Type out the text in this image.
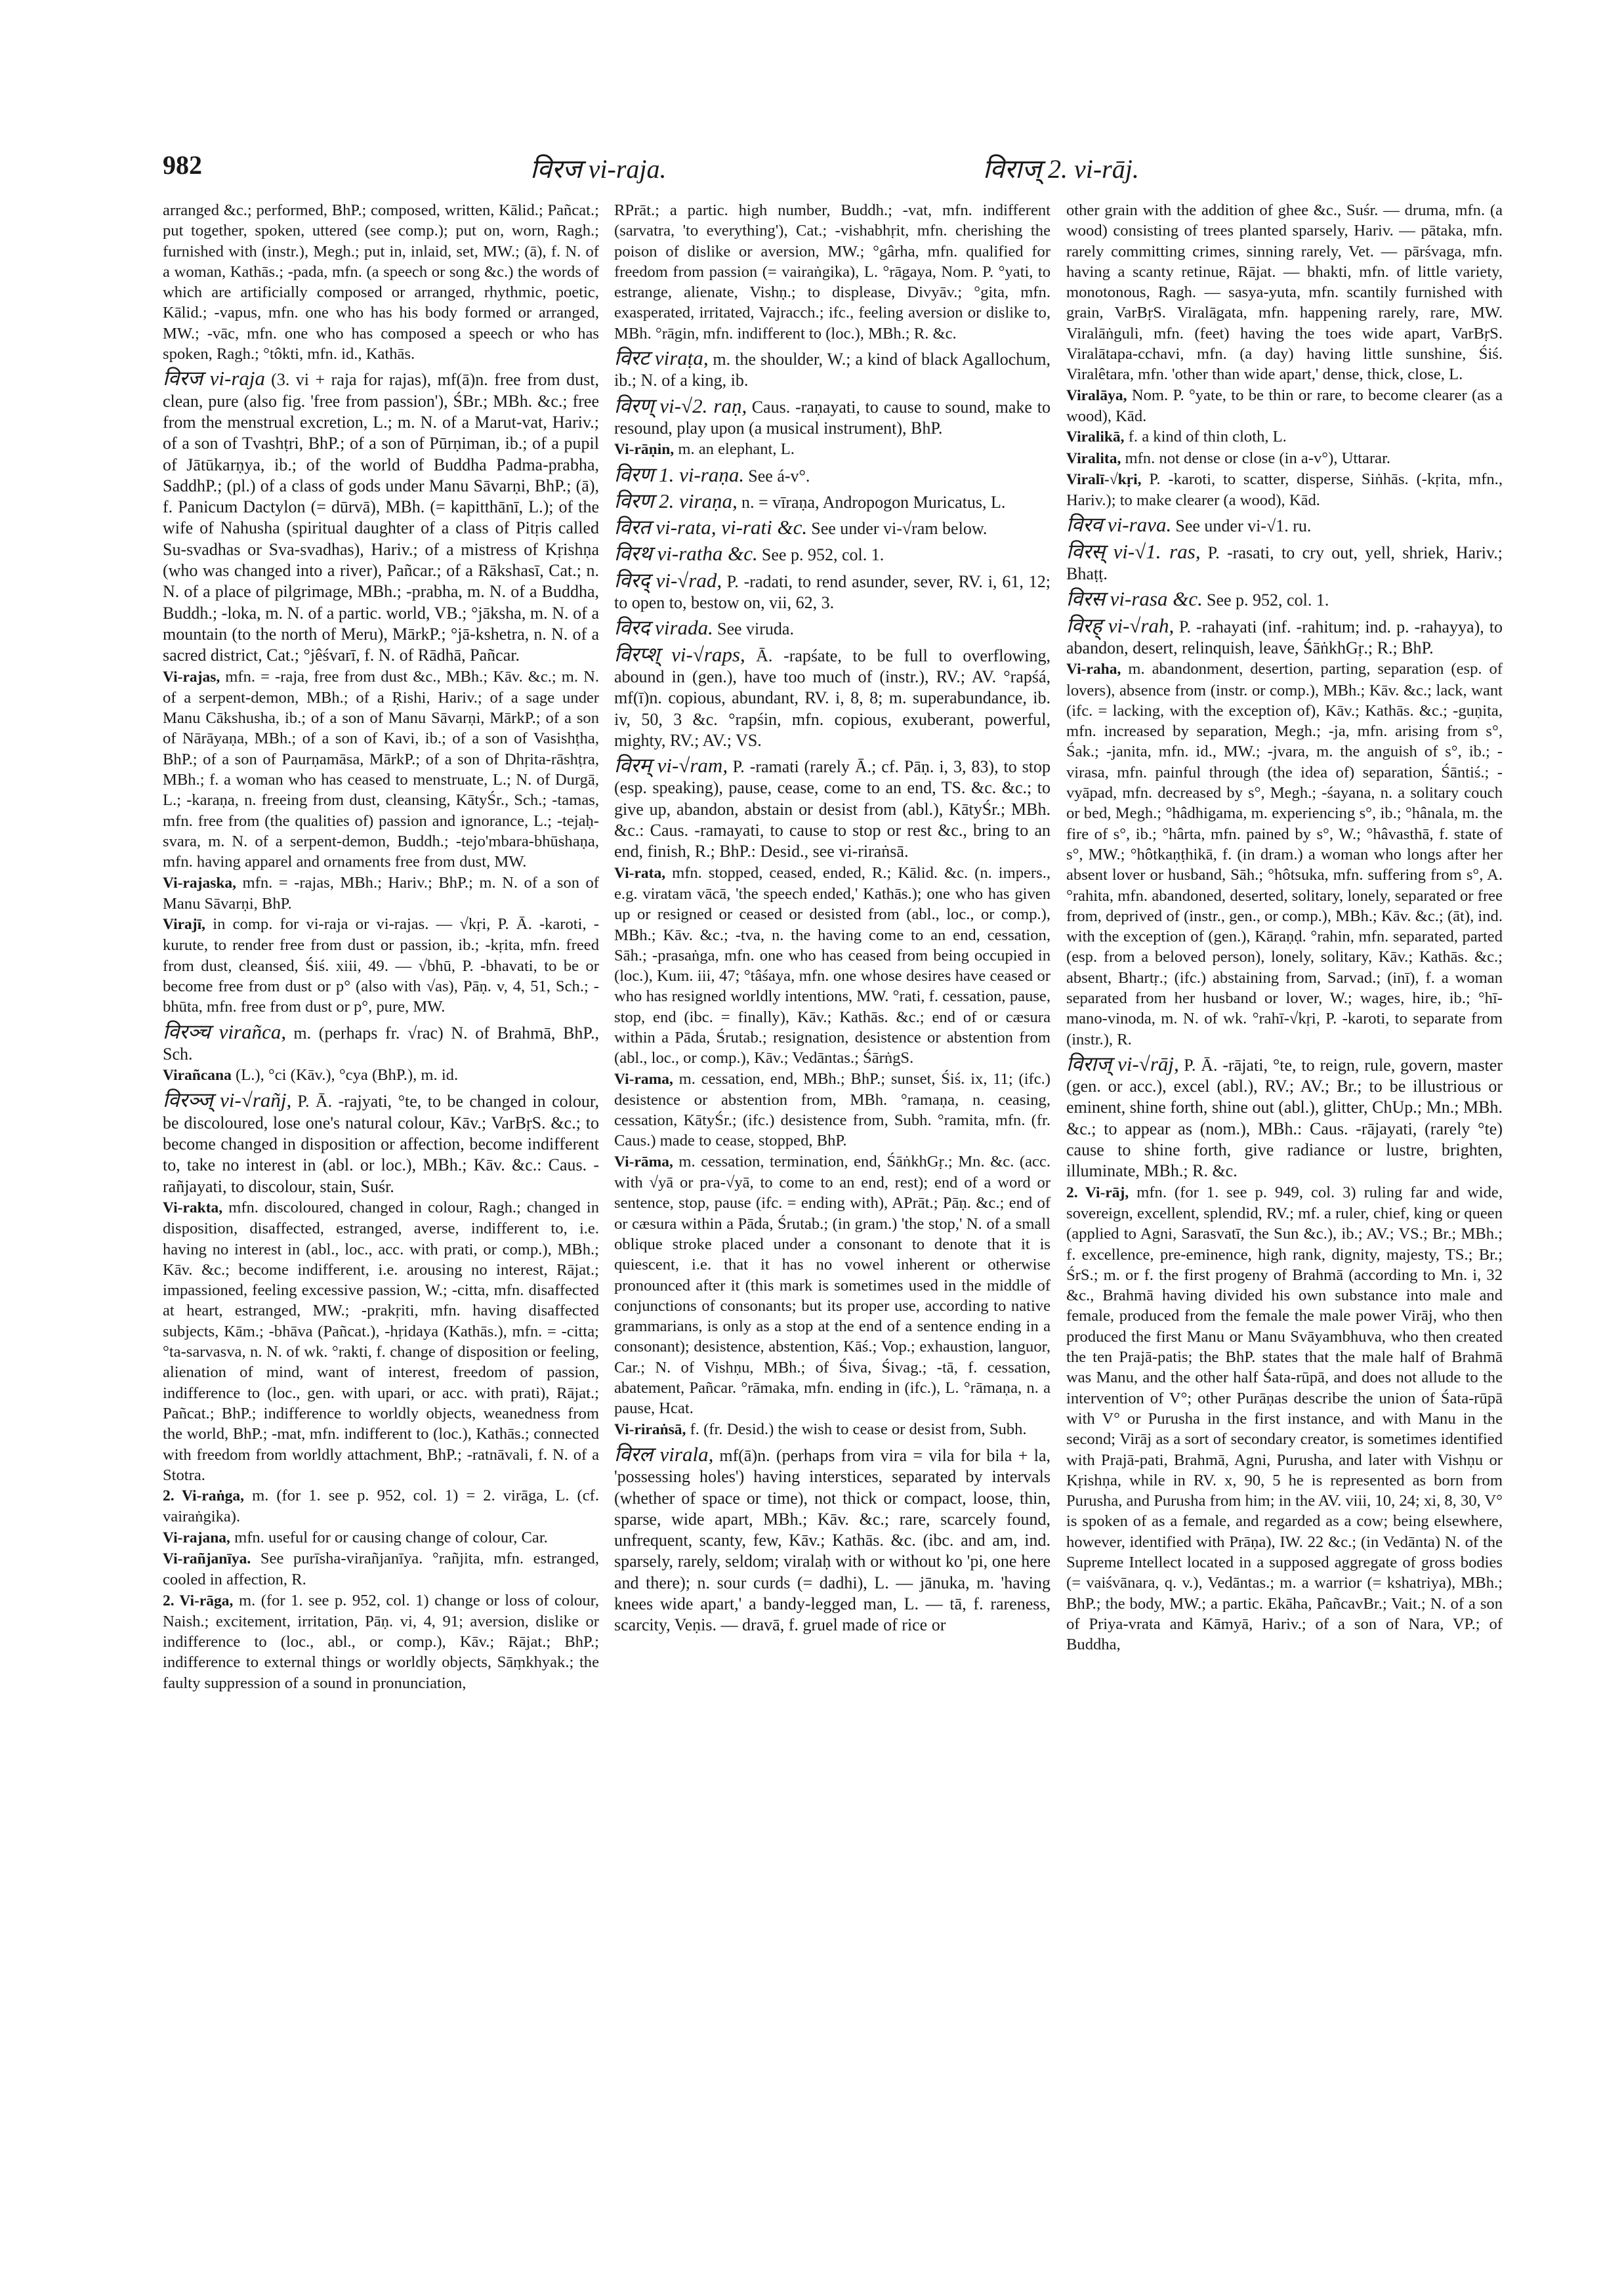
982	विरज vi-raja.	विराज् 2. vi-rāj.

arranged &c.; performed, BhP.; composed, written, Kālid.; Pañcat.; put together, spoken, uttered (see comp.); put on, worn, Ragh.; furnished with (instr.), Megh.; put in, inlaid, set, MW.; (ā), f. N. of a woman, Kathās.; -pada, mfn. (a speech or song &c.) the words of which are artificially composed or arranged, rhythmic, poetic, Kālid.; -vapus, mfn. one who has his body formed or arranged, MW.; -vāc, mfn. one who has composed a speech or who has spoken, Ragh.; °tôkti, mfn. id., Kathās.

विरज vi-raja (3. vi + raja for rajas), mf(ā)n. free from dust, clean, pure (also fig. 'free from passion'), ŚBr.; MBh. &c.; free from the menstrual excretion, L.; m. N. of a Marut-vat, Hariv.; of a son of Tvashṭri, BhP.; of a son of Pūrṇiman, ib.; of a pupil of Jātūkarṇya, ib.; of the world of Buddha Padma-prabha, SaddhP.; (pl.) of a class of gods under Manu Sāvarṇi, BhP.; (ā), f. Panicum Dactylon (= dūrvā), MBh. (= kapitthānī, L.); of the wife of Nahusha (spiritual daughter of a class of Pitṛis called Su-svadhas or Sva-svadhas), Hariv.; of a mistress of Kṛishṇa (who was changed into a river), Pañcar.; of a Rākshasī, Cat.; n. N. of a place of pilgrimage, MBh.; -prabha, m. N. of a Buddha, Buddh.; -loka, m. N. of a partic. world, VB.; °jāksha, m. N. of a mountain (to the north of Meru), MārkP.; °jā-kshetra, n. N. of a sacred district, Cat.; °jêśvarī, f. N. of Rādhā, Pañcar.

Vi-rajas, mfn. = -raja, free from dust &c., MBh.; Kāv. &c.; m. N. of a serpent-demon, MBh.; of a Ṛishi, Hariv.; of a sage under Manu Cākshusha, ib.; of a son of Manu Sāvarṇi, MārkP.; of a son of Nārāyaṇa, MBh.; of a son of Kavi, ib.; of a son of Vasishṭha, BhP.; of a son of Paurṇamāsa, MārkP.; of a son of Dhṛita-rāshṭra, MBh.; f. a woman who has ceased to menstruate, L.; N. of Durgā, L.; -karaṇa, n. freeing from dust, cleansing, KātyŚr., Sch.; -tamas, mfn. free from (the qualities of) passion and ignorance, L.; -tejaḥ-svara, m. N. of a serpent-demon, Buddh.; -tejo'mbara-bhūshaṇa, mfn. having apparel and ornaments free from dust, MW.

Vi-rajaska, mfn. = -rajas, MBh.; Hariv.; BhP.; m. N. of a son of Manu Sāvarṇi, BhP.

Virajī, in comp. for vi-raja or vi-rajas. — √kṛi, P. Ā. -karoti, -kurute, to render free from dust or passion, ib.; -kṛita, mfn. freed from dust, cleansed, Śiś. xiii, 49. — √bhū, P. -bhavati, to be or become free from dust or p° (also with √as), Pāṇ. v, 4, 51, Sch.; -bhūta, mfn. free from dust or p°, pure, MW.

विरञ्च virañca, m. (perhaps fr. √rac) N. of Brahmā, BhP., Sch.

Virañcana (L.), °ci (Kāv.), °cya (BhP.), m. id.

विरञ्ज् vi-√rañj, P. Ā. -rajyati, °te, to be changed in colour, be discoloured, lose one's natural colour, Kāv.; VarBṛS. &c.; to become changed in disposition or affection, become indifferent to, take no interest in (abl. or loc.), MBh.; Kāv. &c.: Caus. -rañjayati, to discolour, stain, Suśr.

Vi-rakta, mfn. discoloured, changed in colour, Ragh.; changed in disposition, disaffected, estranged, averse, indifferent to, i.e. having no interest in (abl., loc., acc. with prati, or comp.), MBh.; Kāv. &c.; become indifferent, i.e. arousing no interest, Rājat.; impassioned, feeling excessive passion, W.; -citta, mfn. disaffected at heart, estranged, MW.; -prakṛiti, mfn. having disaffected subjects, Kām.; -bhāva (Pañcat.), -hṛidaya (Kathās.), mfn. = -citta; °ta-sarvasva, n. N. of wk. °rakti, f. change of disposition or feeling, alienation of mind, want of interest, freedom of passion, indifference to (loc., gen. with upari, or acc. with prati), Rājat.; Pañcat.; BhP.; indifference to worldly objects, weanedness from the world, BhP.; -mat, mfn. indifferent to (loc.), Kathās.; connected with freedom from worldly attachment, BhP.; -ratnāvali, f. N. of a Stotra.

2. Vi-raṅga, m. (for 1. see p. 952, col. 1) = 2. virāga, L. (cf. vairaṅgika).

Vi-rajana, mfn. useful for or causing change of colour, Car.

Vi-rañjanīya. See purīsha-virañjanīya. °rañjita, mfn. estranged, cooled in affection, R.

2. Vi-rāga, m. (for 1. see p. 952, col. 1) change or loss of colour, Naish.; excitement, irritation, Pāṇ. vi, 4, 91; aversion, dislike or indifference to (loc., abl., or comp.), Kāv.; Rājat.; BhP.; indifference to external things or worldly objects, Sāṃkhyak.; the faulty suppression of a sound in pronunciation,

RPrāt.; a partic. high number, Buddh.; -vat, mfn. indifferent (sarvatra, 'to everything'), Cat.; -vishabhṛit, mfn. cherishing the poison of dislike or aversion, MW.; °gârha, mfn. qualified for freedom from passion (= vairaṅgika), L. °rāgaya, Nom. P. °yati, to estrange, alienate, Vishṇ.; to displease, Divyāv.; °gita, mfn. exasperated, irritated, Vajracch.; ifc., feeling aversion or dislike to, MBh. °rāgin, mfn. indifferent to (loc.), MBh.; R. &c.

विरट viraṭa, m. the shoulder, W.; a kind of black Agallochum, ib.; N. of a king, ib.

विरण् vi-√2. raṇ, Caus. -raṇayati, to cause to sound, make to resound, play upon (a musical instrument), BhP.

Vi-rāṇin, m. an elephant, L.

विरण 1. vi-raṇa. See á-v°.

विरण 2. viraṇa, n. = vīraṇa, Andropogon Muricatus, L.

विरत vi-rata, vi-rati &c. See under vi-√ram below.

विरथ vi-ratha &c. See p. 952, col. 1.

विरद् vi-√rad, P. -radati, to rend asunder, sever, RV. i, 61, 12; to open to, bestow on, vii, 62, 3.

विरद virada. See viruda.

विरप्श् vi-√raps, Ā. -rapśate, to be full to overflowing, abound in (gen.), have too much of (instr.), RV.; AV. °rapśá, mf(ī)n. copious, abundant, RV. i, 8, 8; m. superabundance, ib. iv, 50, 3 &c. °rapśin, mfn. copious, exuberant, powerful, mighty, RV.; AV.; VS.

विरम् vi-√ram, P. -ramati (rarely Ā.; cf. Pāṇ. i, 3, 83), to stop (esp. speaking), pause, cease, come to an end, TS. &c. &c.; to give up, abandon, abstain or desist from (abl.), KātyŚr.; MBh. &c.: Caus. -ramayati, to cause to stop or rest &c., bring to an end, finish, R.; BhP.: Desid., see vi-riraṅsā.

Vi-rata, mfn. stopped, ceased, ended, R.; Kālid. &c. (n. impers., e.g. viratam vācā, 'the speech ended,' Kathās.); one who has given up or resigned or ceased or desisted from (abl., loc., or comp.), MBh.; Kāv. &c.; -tva, n. the having come to an end, cessation, Sāh.; -prasaṅga, mfn. one who has ceased from being occupied in (loc.), Kum. iii, 47; °tâśaya, mfn. one whose desires have ceased or who has resigned worldly intentions, MW. °rati, f. cessation, pause, stop, end (ibc. = finally), Kāv.; Kathās. &c.; end of or cæsura within a Pāda, Śrutab.; resignation, desistence or abstention from (abl., loc., or comp.), Kāv.; Vedāntas.; ŚārṅgS.

Vi-rama, m. cessation, end, MBh.; BhP.; sunset, Śiś. ix, 11; (ifc.) desistence or abstention from, MBh. °ramaṇa, n. ceasing, cessation, KātyŚr.; (ifc.) desistence from, Subh. °ramita, mfn. (fr. Caus.) made to cease, stopped, BhP.

Vi-rāma, m. cessation, termination, end, ŚāṅkhGṛ.; Mn. &c. (acc. with √yā or pra-√yā, to come to an end, rest); end of a word or sentence, stop, pause (ifc. = ending with), APrāt.; Pāṇ. &c.; end of or cæsura within a Pāda, Śrutab.; (in gram.) 'the stop,' N. of a small oblique stroke placed under a consonant to denote that it is quiescent, i.e. that it has no vowel inherent or otherwise pronounced after it (this mark is sometimes used in the middle of conjunctions of consonants; but its proper use, according to native grammarians, is only as a stop at the end of a sentence ending in a consonant); desistence, abstention, Kāś.; Vop.; exhaustion, languor, Car.; N. of Vishṇu, MBh.; of Śiva, Śivag.; -tā, f. cessation, abatement, Pañcar. °rāmaka, mfn. ending in (ifc.), L. °rāmaṇa, n. a pause, Hcat.

Vi-riraṅsā, f. (fr. Desid.) the wish to cease or desist from, Subh.

विरल virala, mf(ā)n. (perhaps from vira = vila for bila + la, 'possessing holes') having interstices, separated by intervals (whether of space or time), not thick or compact, loose, thin, sparse, wide apart, MBh.; Kāv. &c.; rare, scarcely found, unfrequent, scanty, few, Kāv.; Kathās. &c. (ibc. and am, ind. sparsely, rarely, seldom; viralaḥ with or without ko 'pi, one here and there); n. sour curds (= dadhi), L. — jānuka, m. 'having knees wide apart,' a bandy-legged man, L. — tā, f. rareness, scarcity, Veṇis. — dravā, f. gruel made of rice or

other grain with the addition of ghee &c., Suśr. — druma, mfn. (a wood) consisting of trees planted sparsely, Hariv. — pātaka, mfn. rarely committing crimes, sinning rarely, Vet. — pārśvaga, mfn. having a scanty retinue, Rājat. — bhakti, mfn. of little variety, monotonous, Ragh. — sasya-yuta, mfn. scantily furnished with grain, VarBṛS. Viralāgata, mfn. happening rarely, rare, MW. Viralāṅguli, mfn. (feet) having the toes wide apart, VarBṛS. Viralātapa-cchavi, mfn. (a day) having little sunshine, Śiś. Viralêtara, mfn. 'other than wide apart,' dense, thick, close, L.

Viralāya, Nom. P. °yate, to be thin or rare, to become clearer (as a wood), Kād.

Viralikā, f. a kind of thin cloth, L.

Viralita, mfn. not dense or close (in a-v°), Uttarar.

Viralī-√kṛi, P. -karoti, to scatter, disperse, Siṅhās. (-kṛita, mfn., Hariv.); to make clearer (a wood), Kād.

विरव vi-rava. See under vi-√1. ru.

विरस् vi-√1. ras, P. -rasati, to cry out, yell, shriek, Hariv.; Bhaṭṭ.

विरस vi-rasa &c. See p. 952, col. 1.

विरह् vi-√rah, P. -rahayati (inf. -rahitum; ind. p. -rahayya), to abandon, desert, relinquish, leave, ŚāṅkhGṛ.; R.; BhP.

Vi-raha, m. abandonment, desertion, parting, separation (esp. of lovers), absence from (instr. or comp.), MBh.; Kāv. &c.; lack, want (ifc. = lacking, with the exception of), Kāv.; Kathās. &c.; -guṇita, mfn. increased by separation, Megh.; -ja, mfn. arising from s°, Śak.; -janita, mfn. id., MW.; -jvara, m. the anguish of s°, ib.; -virasa, mfn. painful through (the idea of) separation, Śāntiś.; -vyāpad, mfn. decreased by s°, Megh.; -śayana, n. a solitary couch or bed, Megh.; °hâdhigama, m. experiencing s°, ib.; °hânala, m. the fire of s°, ib.; °hârta, mfn. pained by s°, W.; °hâvasthā, f. state of s°, MW.; °hôtkaṇṭhikā, f. (in dram.) a woman who longs after her absent lover or husband, Sāh.; °hôtsuka, mfn. suffering from s°, A. °rahita, mfn. abandoned, deserted, solitary, lonely, separated or free from, deprived of (instr., gen., or comp.), MBh.; Kāv. &c.; (āt), ind. with the exception of (gen.), Kāraṇḍ. °rahin, mfn. separated, parted (esp. from a beloved person), lonely, solitary, Kāv.; Kathās. &c.; absent, Bhartṛ.; (ifc.) abstaining from, Sarvad.; (inī), f. a woman separated from her husband or lover, W.; wages, hire, ib.; °hī-mano-vinoda, m. N. of wk. °rahī-√kṛi, P. -karoti, to separate from (instr.), R.

विराज् vi-√rāj, P. Ā. -rājati, °te, to reign, rule, govern, master (gen. or acc.), excel (abl.), RV.; AV.; Br.; to be illustrious or eminent, shine forth, shine out (abl.), glitter, ChUp.; Mn.; MBh. &c.; to appear as (nom.), MBh.: Caus. -rājayati, (rarely °te) cause to shine forth, give radiance or lustre, brighten, illuminate, MBh.; R. &c.

2. Vi-rāj, mfn. (for 1. see p. 949, col. 3) ruling far and wide, sovereign, excellent, splendid, RV.; mf. a ruler, chief, king or queen (applied to Agni, Sarasvatī, the Sun &c.), ib.; AV.; VS.; Br.; MBh.; f. excellence, pre-eminence, high rank, dignity, majesty, TS.; Br.; ŚrS.; m. or f. the first progeny of Brahmā (according to Mn. i, 32 &c., Brahmā having divided his own substance into male and female, produced from the female the male power Virāj, who then produced the first Manu or Manu Svāyambhuva, who then created the ten Prajā-patis; the BhP. states that the male half of Brahmā was Manu, and the other half Śata-rūpā, and does not allude to the intervention of V°; other Purāṇas describe the union of Śata-rūpā with V° or Purusha in the first instance, and with Manu in the second; Virāj as a sort of secondary creator, is sometimes identified with Prajā-pati, Brahmā, Agni, Purusha, and later with Vishṇu or Kṛishṇa, while in RV. x, 90, 5 he is represented as born from Purusha, and Purusha from him; in the AV. viii, 10, 24; xi, 8, 30, V° is spoken of as a female, and regarded as a cow; being elsewhere, however, identified with Prāṇa), IW. 22 &c.; (in Vedānta) N. of the Supreme Intellect located in a supposed aggregate of gross bodies (= vaiśvānara, q. v.), Vedāntas.; m. a warrior (= kshatriya), MBh.; BhP.; the body, MW.; a partic. Ekāha, PañcavBr.; Vait.; N. of a son of Priya-vrata and Kāmyā, Hariv.; of a son of Nara, VP.; of Buddha,
